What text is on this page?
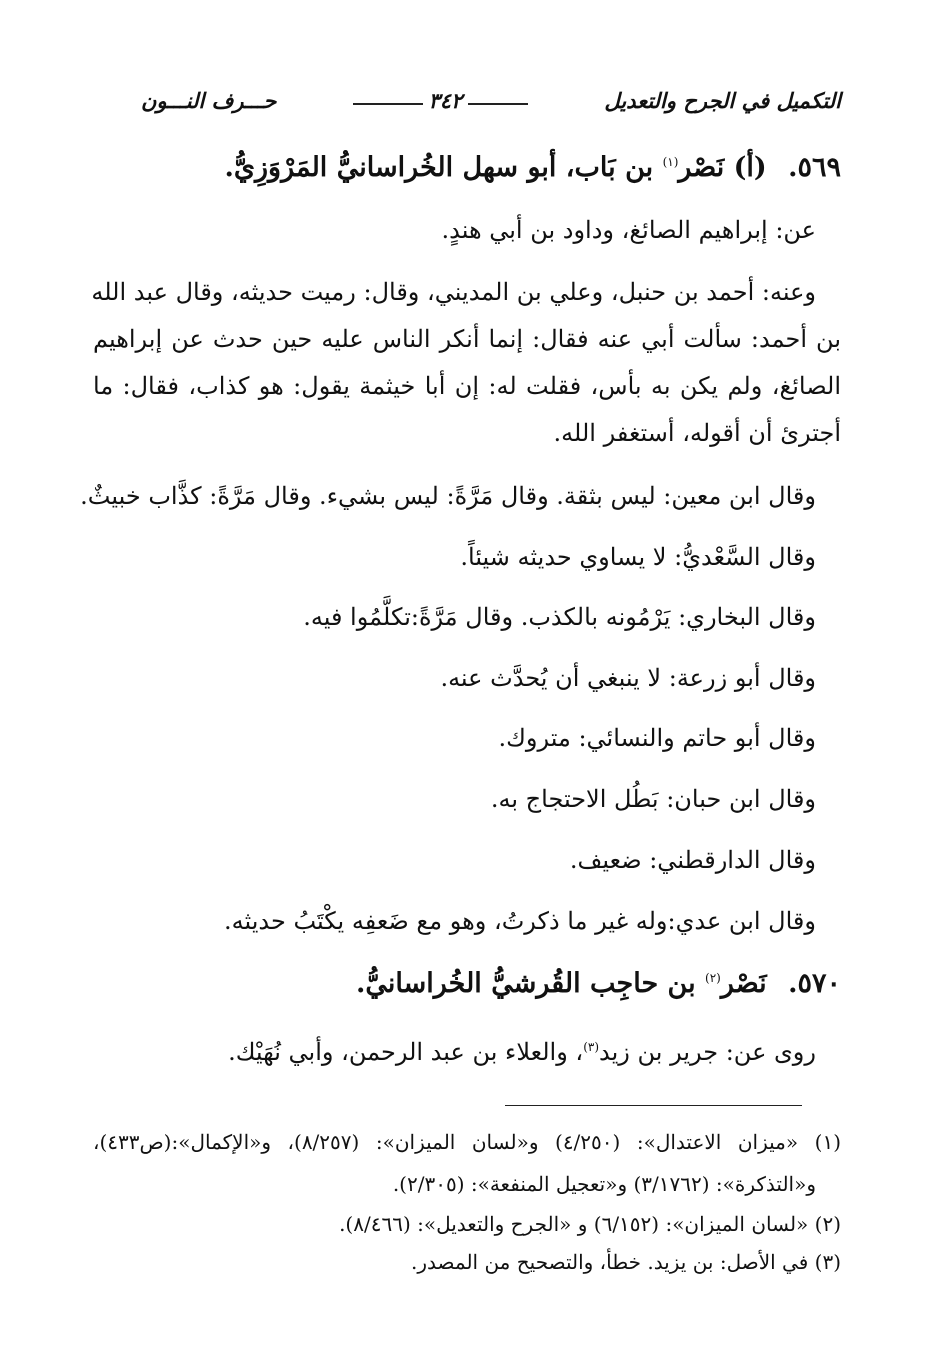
التكميل في الجرح والتعديل
٣٤٢
حـــرف النـــون
٥٦٩. (أ) نَصْر$^{(١)}$ بن بَاب، أبو سهل الخُراسانيُّ المَرْوَزِيُّ.
عن: إبراهيم الصائغ، وداود بن أبي هندٍ.
وعنه: أحمد بن حنبل، وعلي بن المديني، وقال: رميت حديثه، وقال عبد الله
بن أحمد: سألت أبي عنه فقال: إنما أنكر الناس عليه حين حدث عن إبراهيم
الصائغ، ولم يكن به بأس، فقلت له: إن أبا خيثمة يقول: هو كذاب، فقال: ما
أجترئ أن أقوله، أستغفر الله.
وقال ابن معين: ليس بثقة. وقال مَرَّةً: ليس بشيء. وقال مَرَّةً: كذَّاب خبيثٌ.
وقال السَّعْديُّ: لا يساوي حديثه شيئاً.
وقال البخاري: يَرْمُونه بالكذب. وقال مَرَّةً:تكلَّمُوا فيه.
وقال أبو زرعة: لا ينبغي أن يُحدَّث عنه.
وقال أبو حاتم والنسائي: متروك.
وقال ابن حبان: بَطُل الاحتجاج به.
وقال الدارقطني: ضعيف.
وقال ابن عدي:وله غير ما ذكرتُ، وهو مع ضَعفِه يكْتَبُ حديثه.
٥٧٠. نَصْر$^{(٢)}$ بن حاجِب القُرشيُّ الخُراسانيُّ.
روى عن: جرير بن زيد$^{(٣)}$، والعلاء بن عبد الرحمن، وأبي نُهَيْك.
(١) «ميزان الاعتدال»: (٤/٢٥٠) و«لسان الميزان»: (٨/٢٥٧)، و«الإكمال»:(ص٤٣٣)،
و«التذكرة»: (٣/١٧٦٢) و«تعجيل المنفعة»: (٢/٣٠٥).
(٢) «لسان الميزان»: (٦/١٥٢) و «الجرح والتعديل»: (٨/٤٦٦).
(٣) في الأصل: بن يزيد. خطأ، والتصحيح من المصدر.
